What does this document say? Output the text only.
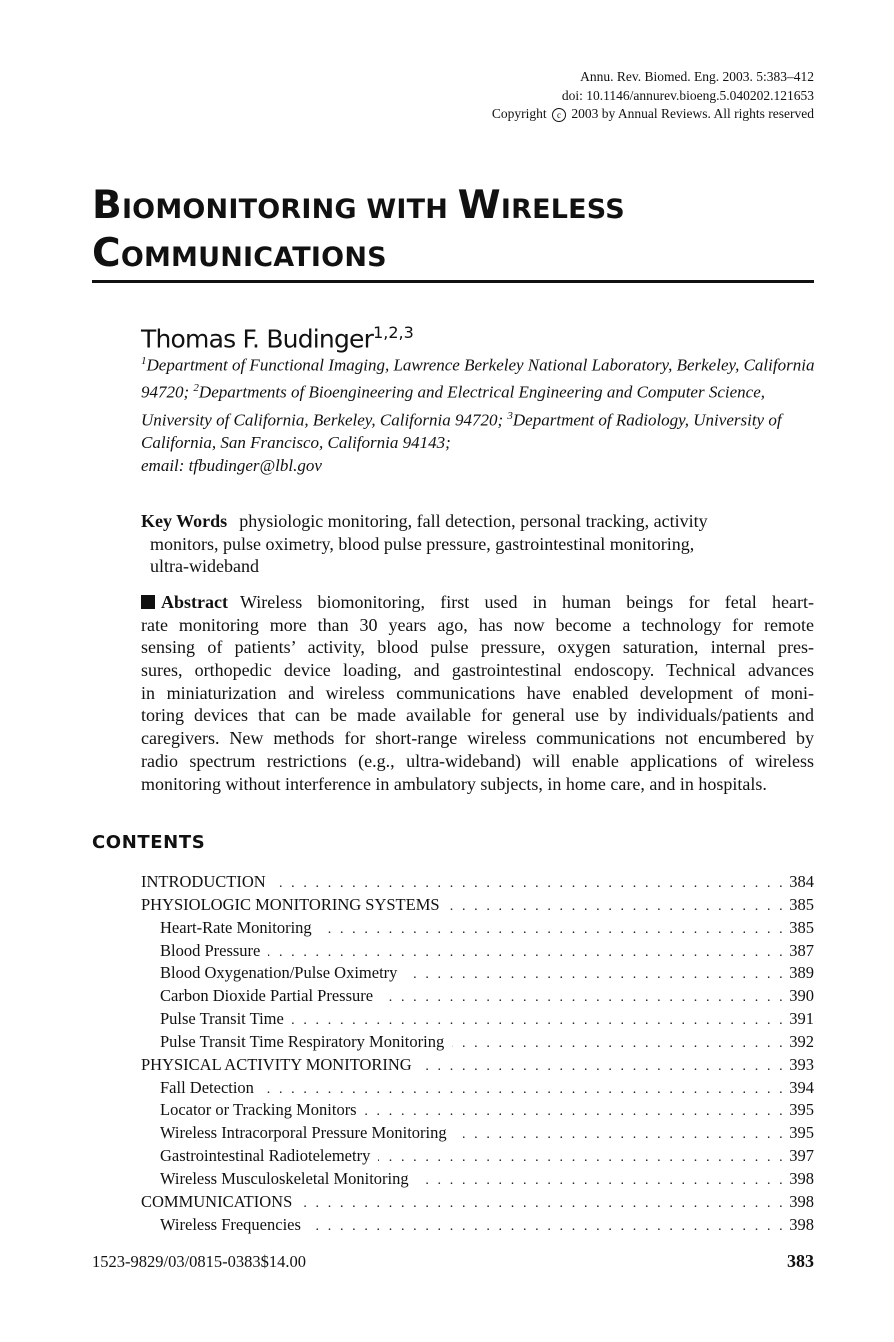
Annu. Rev. Biomed. Eng. 2003. 5:383–412
doi: 10.1146/annurev.bioeng.5.040202.121653
Copyright c 2003 by Annual Reviews. All rights reserved
BIOMONITORING WITH WIRELESS
COMMUNICATIONS
Thomas F. Budinger$^{1,2,3}$
$^1$Department of Functional Imaging, Lawrence Berkeley National Laboratory, Berkeley, California 94720; $^2$Departments of Bioengineering and Electrical Engineering and Computer Science, University of California, Berkeley, California 94720; $^3$Department of Radiology, University of California, San Francisco, California 94143;
email: tfbudinger@lbl.gov
Key Words physiologic monitoring, fall detection, personal tracking, activity
monitors, pulse oximetry, blood pulse pressure, gastrointestinal monitoring,
ultra-wideband
Abstract Wireless biomonitoring, first used in human beings for fetal heart-
rate monitoring more than 30 years ago, has now become a technology for remote
sensing of patients’ activity, blood pulse pressure, oxygen saturation, internal pres-
sures, orthopedic device loading, and gastrointestinal endoscopy. Technical advances
in miniaturization and wireless communications have enabled development of moni-
toring devices that can be made available for general use by individuals/patients and
caregivers. New methods for short-range wireless communications not encumbered by
radio spectrum restrictions (e.g., ultra-wideband) will enable applications of wireless
monitoring without interference in ambulatory subjects, in home care, and in hospitals.
CONTENTS
INTRODUCTION . . .	384
PHYSIOLOGIC MONITORING SYSTEMS . . .	385
Heart-Rate Monitoring . . .	385
Blood Pressure . . .	387
Blood Oxygenation/Pulse Oximetry . . .	389
Carbon Dioxide Partial Pressure . . .	390
Pulse Transit Time . . .	391
Pulse Transit Time Respiratory Monitoring . . .	392
PHYSICAL ACTIVITY MONITORING . . .	393
Fall Detection . . .	394
Locator or Tracking Monitors . . .	395
Wireless Intracorporal Pressure Monitoring . . .	395
Gastrointestinal Radiotelemetry . . .	397
Wireless Musculoskeletal Monitoring . . .	398
COMMUNICATIONS . . .	398
Wireless Frequencies . . .	398
1523-9829/03/0815-0383$14.00	383
